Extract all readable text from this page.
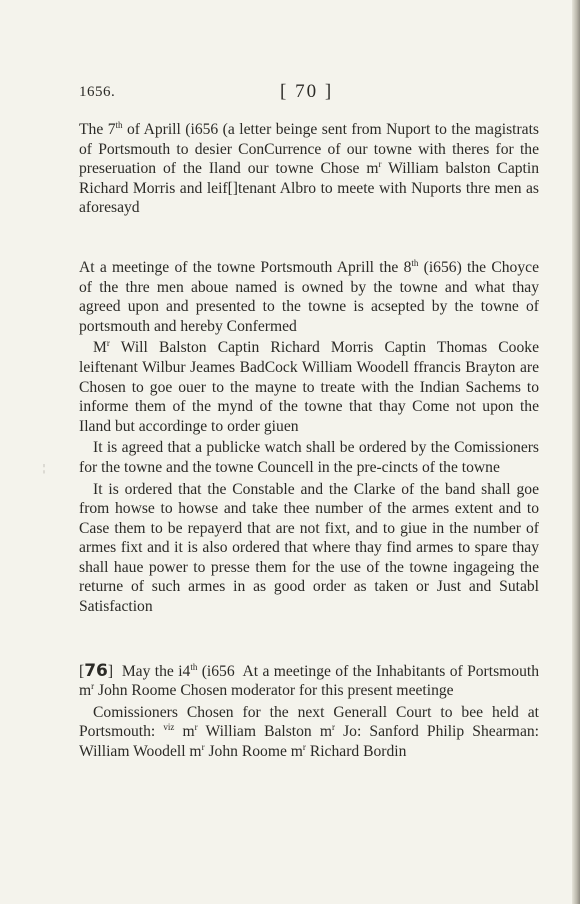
1656.	[ 70 ]
¦

The 7th of Aprill (i656 (a letter beinge sent from Nuport to the magistrats of Portsmouth to desier ConCurrence of our towne with theres for the preseruation of the Iland our towne Chose $m^r$ William balston Captin Richard Morris and leif[]tenant Albro to meete with Nuports thre men as aforesayd

At a meetinge of the towne Portsmouth Aprill the 8th (i656) the Choyce of the thre men aboue named is owned by the towne and what thay agreed upon and presented to the towne is acsepted by the towne of portsmouth and hereby Confermed

$M^r$ Will Balston Captin Richard Morris Captin Thomas Cooke leiftenant Wilbur Jeames BadCock William Woodell ffrancis Brayton are Chosen to goe ouer to the mayne to treate with the Indian Sachems to informe them of the mynd of the towne that thay Come not upon the Iland but accordinge to order giuen

It is agreed that a publicke watch shall be ordered by the Comissioners for the towne and the towne Councell in the pre-cincts of the towne

It is ordered that the Constable and the Clarke of the band shall goe from howse to howse and take thee number of the armes extent and to Case them to be repayerd that are not fixt, and to giue in the number of armes fixt and it is also ordered that where thay find armes to spare thay shall haue power to presse them for the use of the towne ingageing the returne of such armes in as good order as taken or Just and Sutabl Satisfaction

[76]  May the i4th (i656  At a meetinge of the Inhabitants of Portsmouth $m^r$ John Roome Chosen moderator for this present meetinge

Comissioners Chosen for the next Generall Court to bee held at Portsmouth: $^{viz}$ $m^r$ William Balston $m^r$ Jo: Sanford Philip Shearman: William Woodell $m^r$ John Roome $m^r$ Richard Bordin
